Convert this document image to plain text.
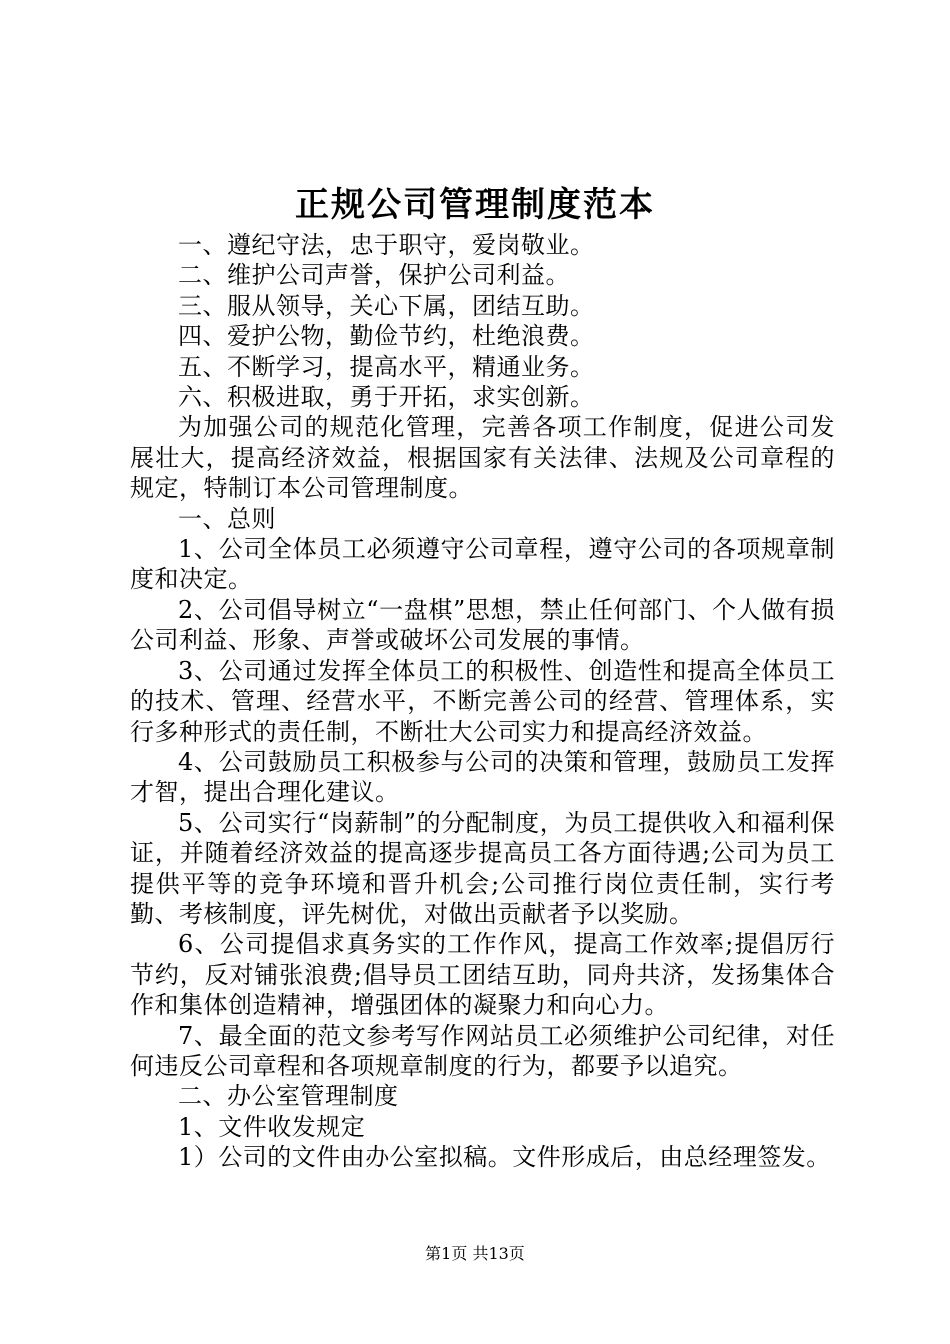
正规公司管理制度范本

一、遵纪守法，忠于职守，爱岗敬业。

二、维护公司声誉，保护公司利益。

三、服从领导，关心下属，团结互助。

四、爱护公物，勤俭节约，杜绝浪费。

五、不断学习，提高水平，精通业务。

六、积极进取，勇于开拓，求实创新。

为加强公司的规范化管理，完善各项工作制度，促进公司发展壮大，提高经济效益，根据国家有关法律、法规及公司章程的规定，特制订本公司管理制度。

一、总则

1、公司全体员工必须遵守公司章程，遵守公司的各项规章制度和决定。

2、公司倡导树立“一盘棋”思想，禁止任何部门、个人做有损公司利益、形象、声誉或破坏公司发展的事情。

3、公司通过发挥全体员工的积极性、创造性和提高全体员工的技术、管理、经营水平，不断完善公司的经营、管理体系，实行多种形式的责任制，不断壮大公司实力和提高经济效益。

4、公司鼓励员工积极参与公司的决策和管理，鼓励员工发挥才智，提出合理化建议。

5、公司实行“岗薪制”的分配制度，为员工提供收入和福利保证，并随着经济效益的提高逐步提高员工各方面待遇;公司为员工提供平等的竞争环境和晋升机会;公司推行岗位责任制，实行考勤、考核制度，评先树优，对做出贡献者予以奖励。

6、公司提倡求真务实的工作作风，提高工作效率;提倡厉行节约，反对铺张浪费;倡导员工团结互助，同舟共济，发扬集体合作和集体创造精神，增强团体的凝聚力和向心力。

7、最全面的范文参考写作网站员工必须维护公司纪律，对任何违反公司章程和各项规章制度的行为，都要予以追究。

二、办公室管理制度

1、文件收发规定

1）公司的文件由办公室拟稿。文件形成后，由总经理签发。

第1页 共13页
